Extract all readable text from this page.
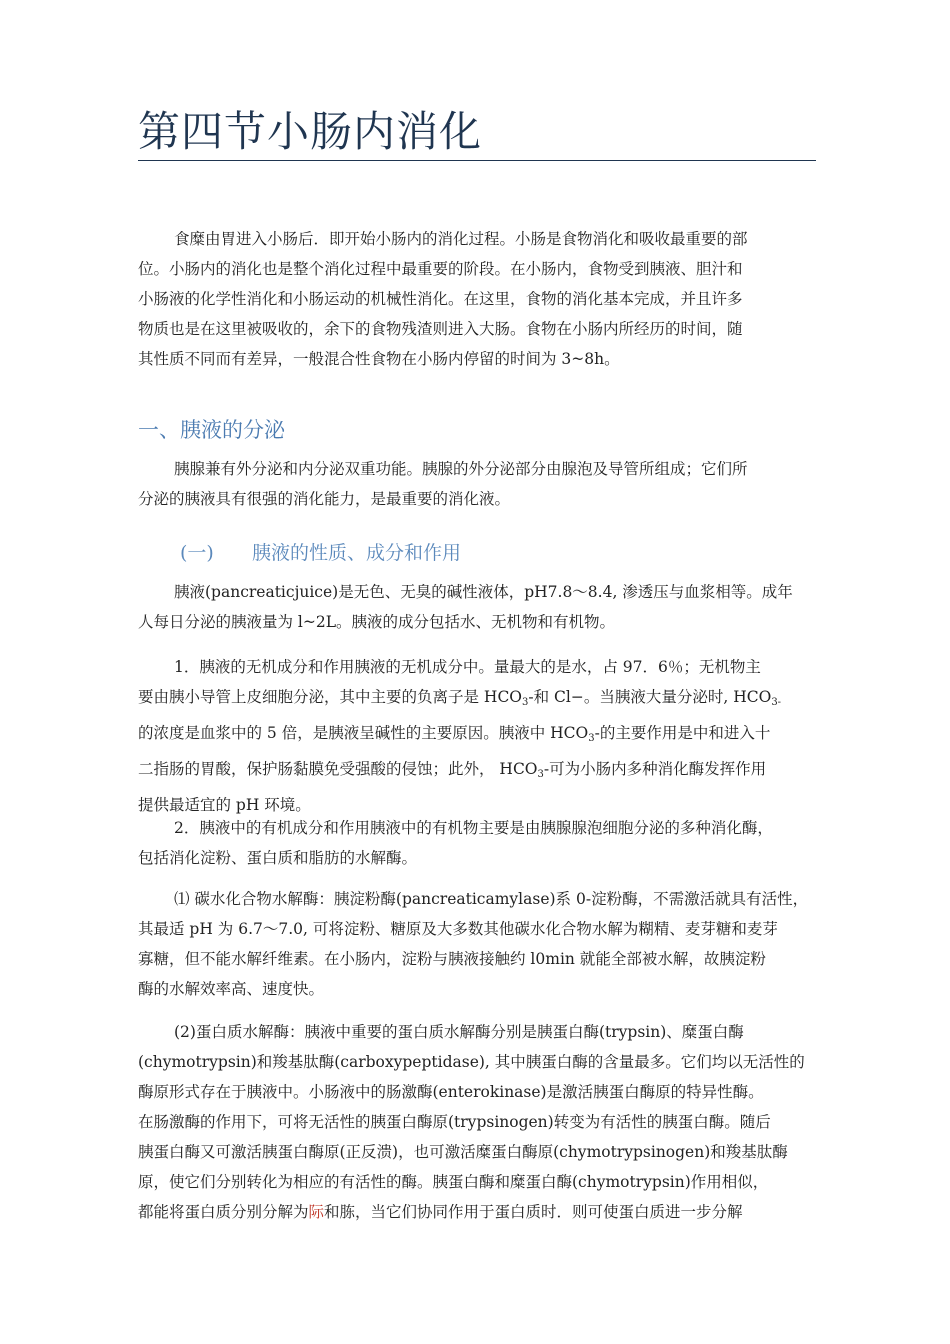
第四节小肠内消化
食糜由胃进入小肠后．即开始小肠内的消化过程。小肠是食物消化和吸收最重要的部
位。小肠内的消化也是整个消化过程中最重要的阶段。在小肠内，食物受到胰液、胆汁和
小肠液的化学性消化和小肠运动的机械性消化。在这里，食物的消化基本完成，并且许多
物质也是在这里被吸收的，余下的食物残渣则进入大肠。食物在小肠内所经历的时间，随
其性质不同而有差异，一般混合性食物在小肠内停留的时间为 3~8h。
一、胰液的分泌
胰腺兼有外分泌和内分泌双重功能。胰腺的外分泌部分由腺泡及导管所组成；它们所
分泌的胰液具有很强的消化能力，是最重要的消化液。
(一) 胰液的性质、成分和作用
胰液(pancreaticjuice)是无色、无臭的碱性液体，pH7.8～8.4, 渗透压与血浆相等。成年
人每日分泌的胰液量为 l~2L。胰液的成分包括水、无机物和有机物。
1．胰液的无机成分和作用胰液的无机成分中。量最大的是水，占 97．6％；无机物主
要由胰小导管上皮细胞分泌，其中主要的负离子是 $HCO_3-$和 Cl−。当胰液大量分泌时, $HCO_{3-}$
的浓度是血浆中的 5 倍，是胰液呈碱性的主要原因。胰液中 $HCO_3-$的主要作用是中和进入十
二指肠的胃酸，保护肠黏膜免受强酸的侵蚀；此外， $HCO_3-$可为小肠内多种消化酶发挥作用
提供最适宜的 pH 环境。
2．胰液中的有机成分和作用胰液中的有机物主要是由胰腺腺泡细胞分泌的多种消化酶，
包括消化淀粉、蛋白质和脂肪的水解酶。
⑴ 碳水化合物水解酶：胰淀粉酶(pancreaticamylase)系 0-淀粉酶，不需激活就具有活性，
其最适 pH 为 6.7～7.0, 可将淀粉、糖原及大多数其他碳水化合物水解为糊精、麦芽糖和麦芽
寡糖，但不能水解纤维素。在小肠内，淀粉与胰液接触约 l0min 就能全部被水解，故胰淀粉
酶的水解效率高、速度快。
(2)蛋白质水解酶：胰液中重要的蛋白质水解酶分别是胰蛋白酶(trypsin)、糜蛋白酶
(chymotrypsin)和羧基肽酶(carboxypeptidase), 其中胰蛋白酶的含量最多。它们均以无活性的
酶原形式存在于胰液中。小肠液中的肠激酶(enterokinase)是激活胰蛋白酶原的特异性酶。
在肠激酶的作用下，可将无活性的胰蛋白酶原(trypsinogen)转变为有活性的胰蛋白酶。随后
胰蛋白酶又可激活胰蛋白酶原(正反溃)，也可激活糜蛋白酶原(chymotrypsinogen)和羧基肽酶
原，使它们分别转化为相应的有活性的酶。胰蛋白酶和糜蛋白酶(chymotrypsin)作用相似，
都能将蛋白质分别分解为际和胨，当它们协同作用于蛋白质时．则可使蛋白质进一步分解
